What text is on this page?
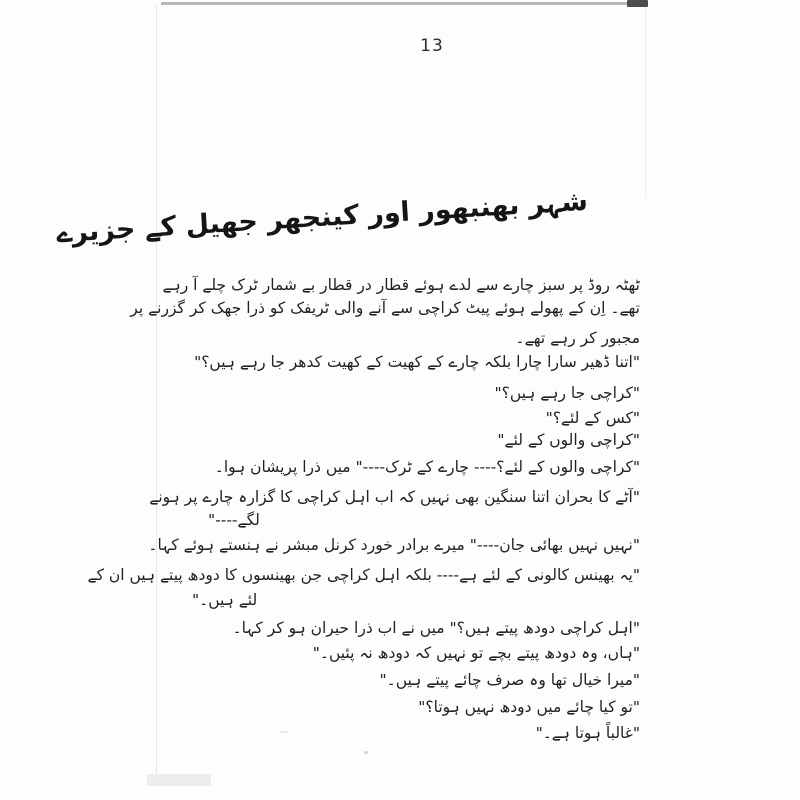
13
شہر بھنبھور اور کینجھر جھیل کے جزیرے
ٹھٹہ روڈ پر سبز چارے سے لدے ہوئے قطار در قطار بے شمار ٹرک چلے آ رہے
تھے۔ اِن کے پھولے ہوئے پیٹ کراچی سے آنے والی ٹریفک کو ذرا جھک کر گزرنے پر
مجبور کر رہے تھے۔
"اتنا ڈھیر سارا چارا بلکہ چارے کے کھیت کے کھیت کدھر جا رہے ہیں؟"
"کراچی جا رہے ہیں؟"
"کس کے لئے؟"
"کراچی والوں کے لئے"
"کراچی والوں کے لئے؟---- چارے کے ٹرک----" میں ذرا پریشان ہوا۔
"آٹے کا بحران اتنا سنگین بھی نہیں کہ اب اہل کراچی کا گزارہ چارے پر ہونے
لگے----"
"نہیں نہیں بھائی جان----" میرے برادر خورد کرنل مبشر نے ہنستے ہوئے کہا۔
"یہ بھینس کالونی کے لئے ہے---- بلکہ اہل کراچی جن بھینسوں کا دودھ پیتے ہیں ان کے
لئے ہیں۔"
"اہل کراچی دودھ پیتے ہیں؟" میں نے اب ذرا حیران ہو کر کہا۔
"ہاں، وہ دودھ پیتے بچے تو نہیں کہ دودھ نہ پئیں۔"
"میرا خیال تھا وہ صرف چائے پیتے ہیں۔"
"تو کیا چائے میں دودھ نہیں ہوتا؟"
"غالباً ہوتا ہے۔"
